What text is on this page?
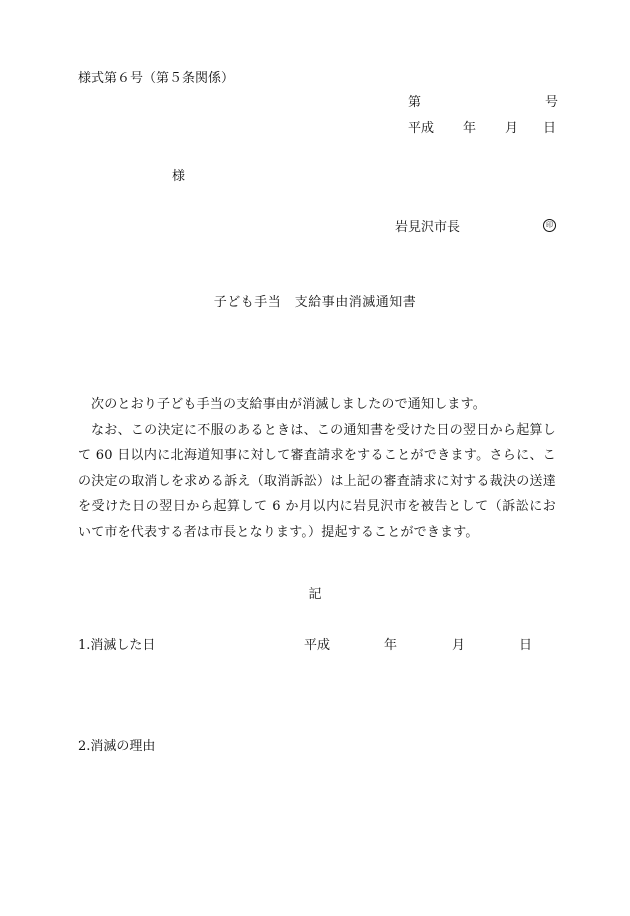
様式第６号（第５条関係）
第	号
平成 年 月 日
様
岩見沢市長	印
子ども手当　支給事由消滅通知書

次のとおり子ども手当の支給事由が消滅しましたので通知します。

なお、この決定に不服のあるときは、この通知書を受けた日の翌日から起算して 60 日以内に北海道知事に対して審査請求をすることができます。さらに、この決定の取消しを求める訴え（取消訴訟）は上記の審査請求に対する裁決の送達を受けた日の翌日から起算して 6 か月以内に岩見沢市を被告として（訴訟において市を代表する者は市長となります。）提起することができます。

記
1.消滅した日	平成	年	月	日
2.消滅の理由
